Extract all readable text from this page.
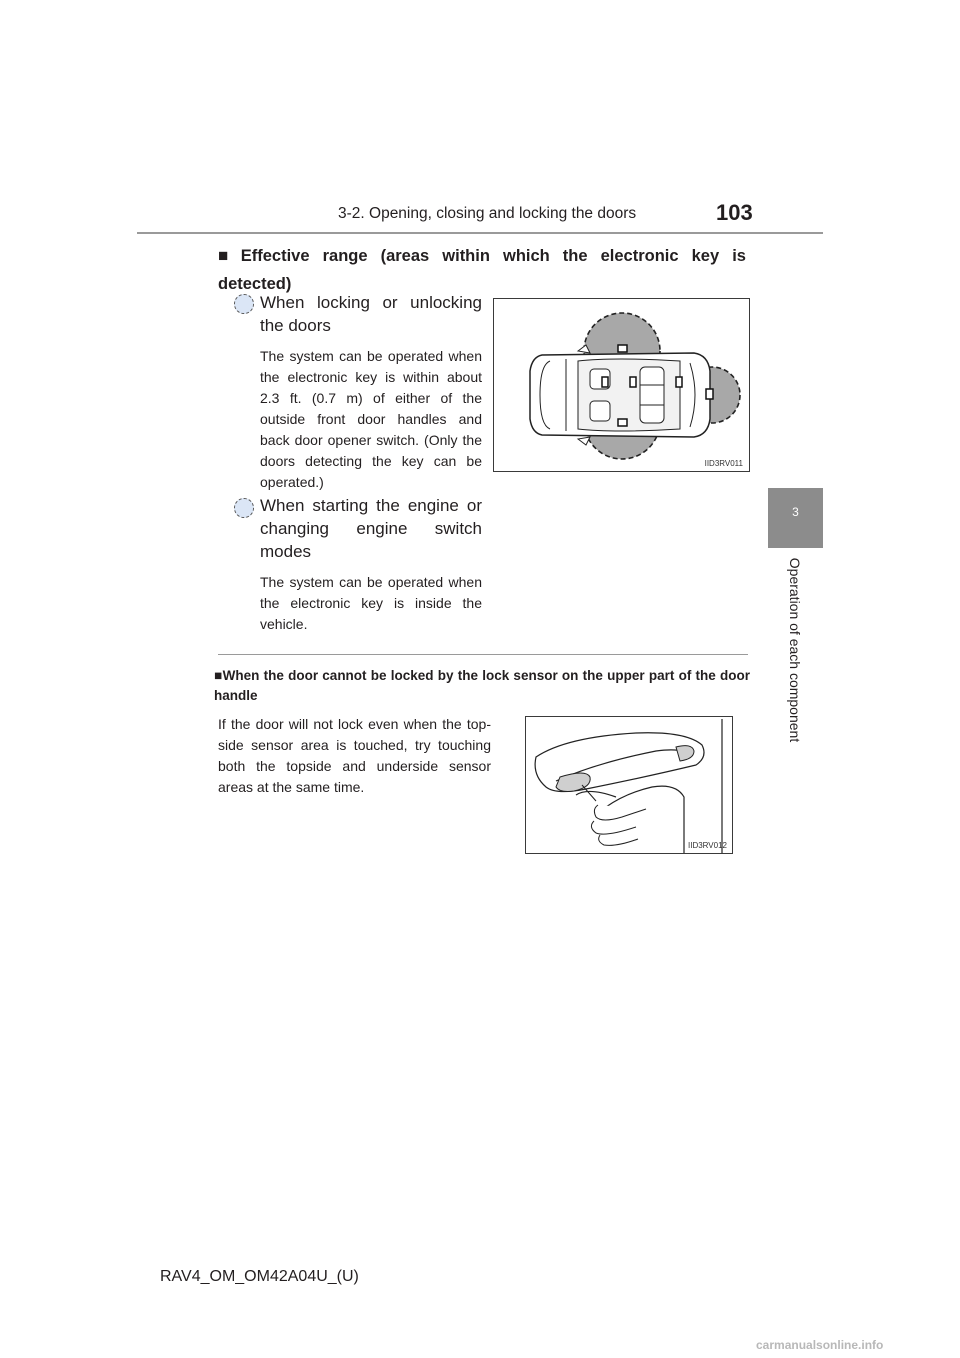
3-2. Opening, closing and locking the doors	103
3
Operation of each component
■ Effective range (areas within which the electronic key is detected)
When locking or unlocking
the doors
The system can be operated when the electronic key is within about 2.3 ft. (0.7 m) of either of the outside front door handles and back door opener switch. (Only the doors detecting the key can be operated.)
When starting the engine or
changing engine switch
modes
The system can be operated when the electronic key is inside the vehicle.
IID3RV011
■When the door cannot be locked by the lock sensor on the upper part of the door handle
If the door will not lock even when the top-side sensor area is touched, try touching both the topside and underside sensor areas at the same time.
IID3RV012
RAV4_OM_OM42A04U_(U)
carmanualsonline.info
